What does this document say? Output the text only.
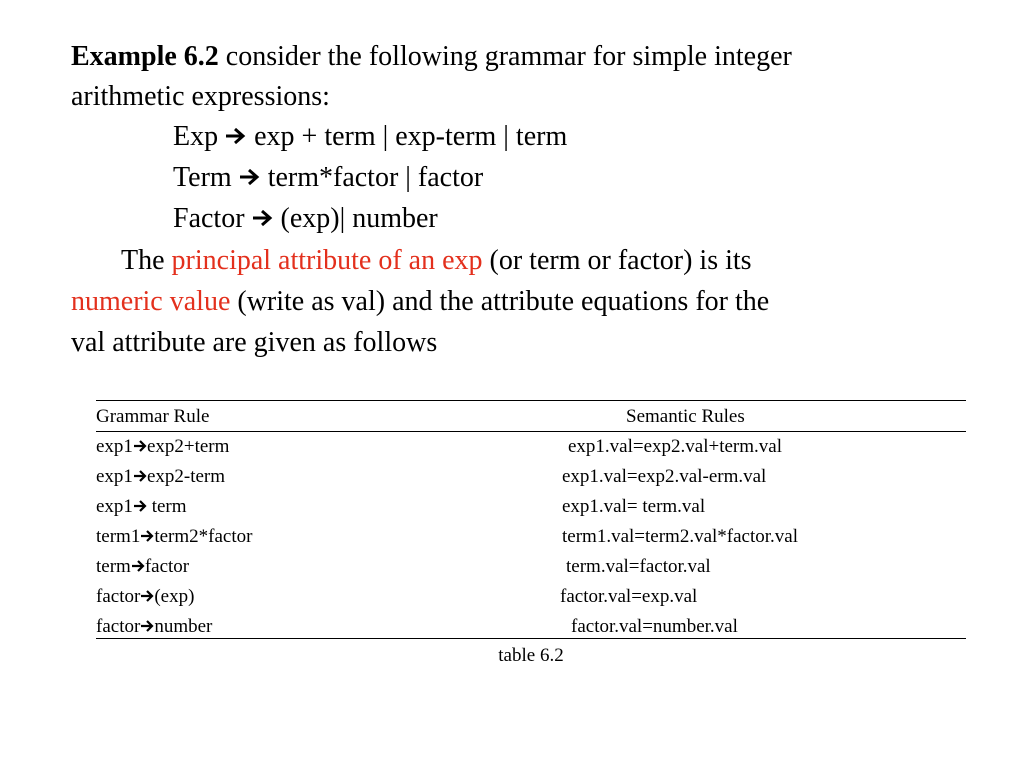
Example 6.2 consider the following grammar for simple integer

arithmetic expressions:

Exp exp + term | exp-term | term

Term term*factor | factor

Factor (exp)| number

The principal attribute of an exp (or term or factor) is its

numeric value (write as val) and the attribute equations for the

val attribute are given as follows

Grammar Rule	Semantic Rules
exp1 exp2+term	exp1.val=exp2.val+term.val
exp1 exp2-term	exp1.val=exp2.val-erm.val
exp1 term	exp1.val= term.val
term1 term2*factor	term1.val=term2.val*factor.val
term factor	term.val=factor.val
factor (exp)	factor.val=exp.val
factor number	factor.val=number.val
table 6.2
